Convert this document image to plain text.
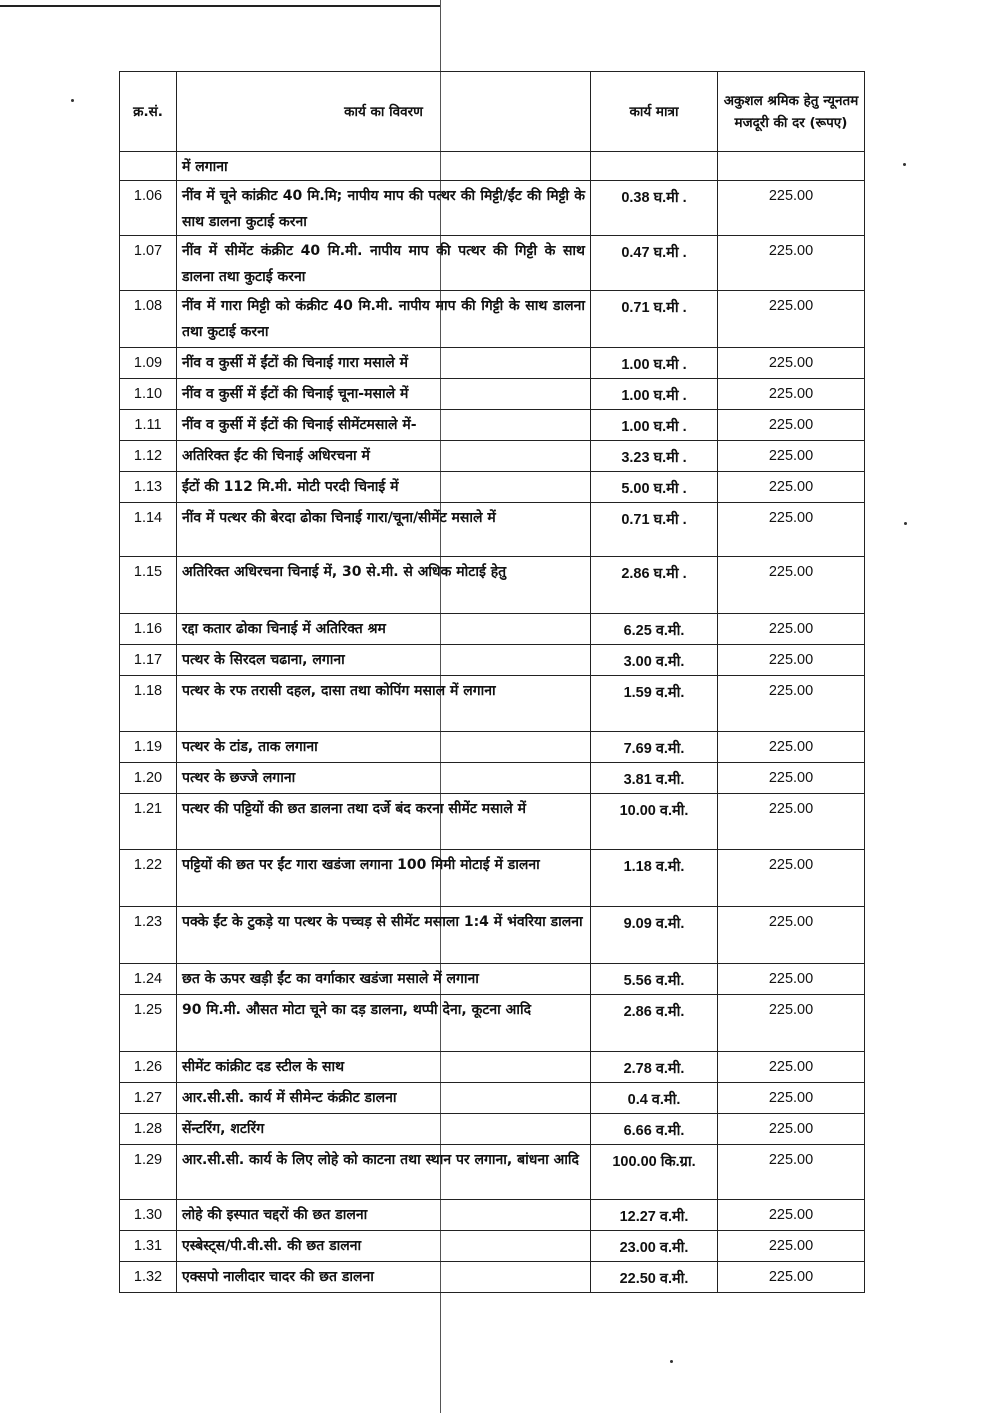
क्र.सं.	कार्य का विवरण	कार्य मात्रा	अकुशल श्रमिक हेतु न्यूनतम मजदूरी की दर (रूपए)
	में लगाना		
1.06	नींव में चूने कांक्रीट 40 मि.मि; नापीय माप की पत्थर की मिट्टी/ईंट की मिट्टी के साथ डालना कुटाई करना	0.38 घ.मी .	225.00
1.07	नींव में सीमेंट कंक्रीट 40 मि.मी. नापीय माप की पत्थर की गिट्टी के साथ डालना तथा कुटाई करना	0.47 घ.मी .	225.00
1.08	नींव में गारा मिट्टी को कंक्रीट 40 मि.मी. नापीय माप की गिट्टी के साथ डालना तथा कुटाई करना	0.71 घ.मी .	225.00
1.09	नींव व कुर्सी में ईंटों की चिनाई गारा मसाले में	1.00 घ.मी .	225.00
1.10	नींव व कुर्सी में ईंटों की चिनाई चूना-मसाले में	1.00 घ.मी .	225.00
1.11	नींव व कुर्सी में ईंटों की चिनाई सीमेंटमसाले में-	1.00 घ.मी .	225.00
1.12	अतिरिक्त ईंट की चिनाई अधिरचना में	3.23 घ.मी .	225.00
1.13	ईंटों की 112 मि.मी. मोटी परदी चिनाई में	5.00 घ.मी .	225.00
1.14	नींव में पत्थर की बेरदा ढोका चिनाई गारा/चूना/सीमेंट मसाले में	0.71 घ.मी .	225.00
1.15	अतिरिक्त अधिरचना चिनाई में, 30 से.मी. से अधिक मोटाई हेतु	2.86 घ.मी .	225.00
1.16	रद्दा कतार ढोका चिनाई में अतिरिक्त श्रम	6.25 व.मी.	225.00
1.17	पत्थर के सिरदल चढाना, लगाना	3.00 व.मी.	225.00
1.18	पत्थर के रफ तरासी दहल, दासा तथा कोपिंग मसाल में लगाना	1.59 व.मी.	225.00
1.19	पत्थर के टांड, ताक लगाना	7.69 व.मी.	225.00
1.20	पत्थर के छज्जे लगाना	3.81 व.मी.	225.00
1.21	पत्थर की पट्टियों की छत डालना तथा दर्जे बंद करना सीमेंट मसाले में	10.00 व.मी.	225.00
1.22	पट्टियों की छत पर ईंट गारा खडंजा लगाना 100 मिमी मोटाई में डालना	1.18 व.मी.	225.00
1.23	पक्के ईंट के टुकड़े या पत्थर के पच्चड़ से सीमेंट मसाला 1:4 में भंवरिया डालना	9.09 व.मी.	225.00
1.24	छत के ऊपर खड़ी ईंट का वर्गाकार खडंजा मसाले में लगाना	5.56 व.मी.	225.00
1.25	90 मि.मी. औसत मोटा चूने का दड़ डालना, थप्पी देना, कूटना आदि	2.86 व.मी.	225.00
1.26	सीमेंट कांक्रीट दड स्टील के साथ	2.78 व.मी.	225.00
1.27	आर.सी.सी. कार्य में सीमेन्ट कंक्रीट डालना	0.4 व.मी.	225.00
1.28	सेंन्टरिंग, शटरिंग	6.66 व.मी.	225.00
1.29	आर.सी.सी. कार्य के लिए लोहे को काटना तथा स्थान पर लगाना, बांधना आदि	100.00 कि.ग्रा.	225.00
1.30	लोहे की इस्पात चद्दरों की छत डालना	12.27 व.मी.	225.00
1.31	एस्बेस्ट्स/पी.वी.सी. की छत डालना	23.00 व.मी.	225.00
1.32	एक्सपो नालीदार चादर की छत डालना	22.50 व.मी.	225.00
